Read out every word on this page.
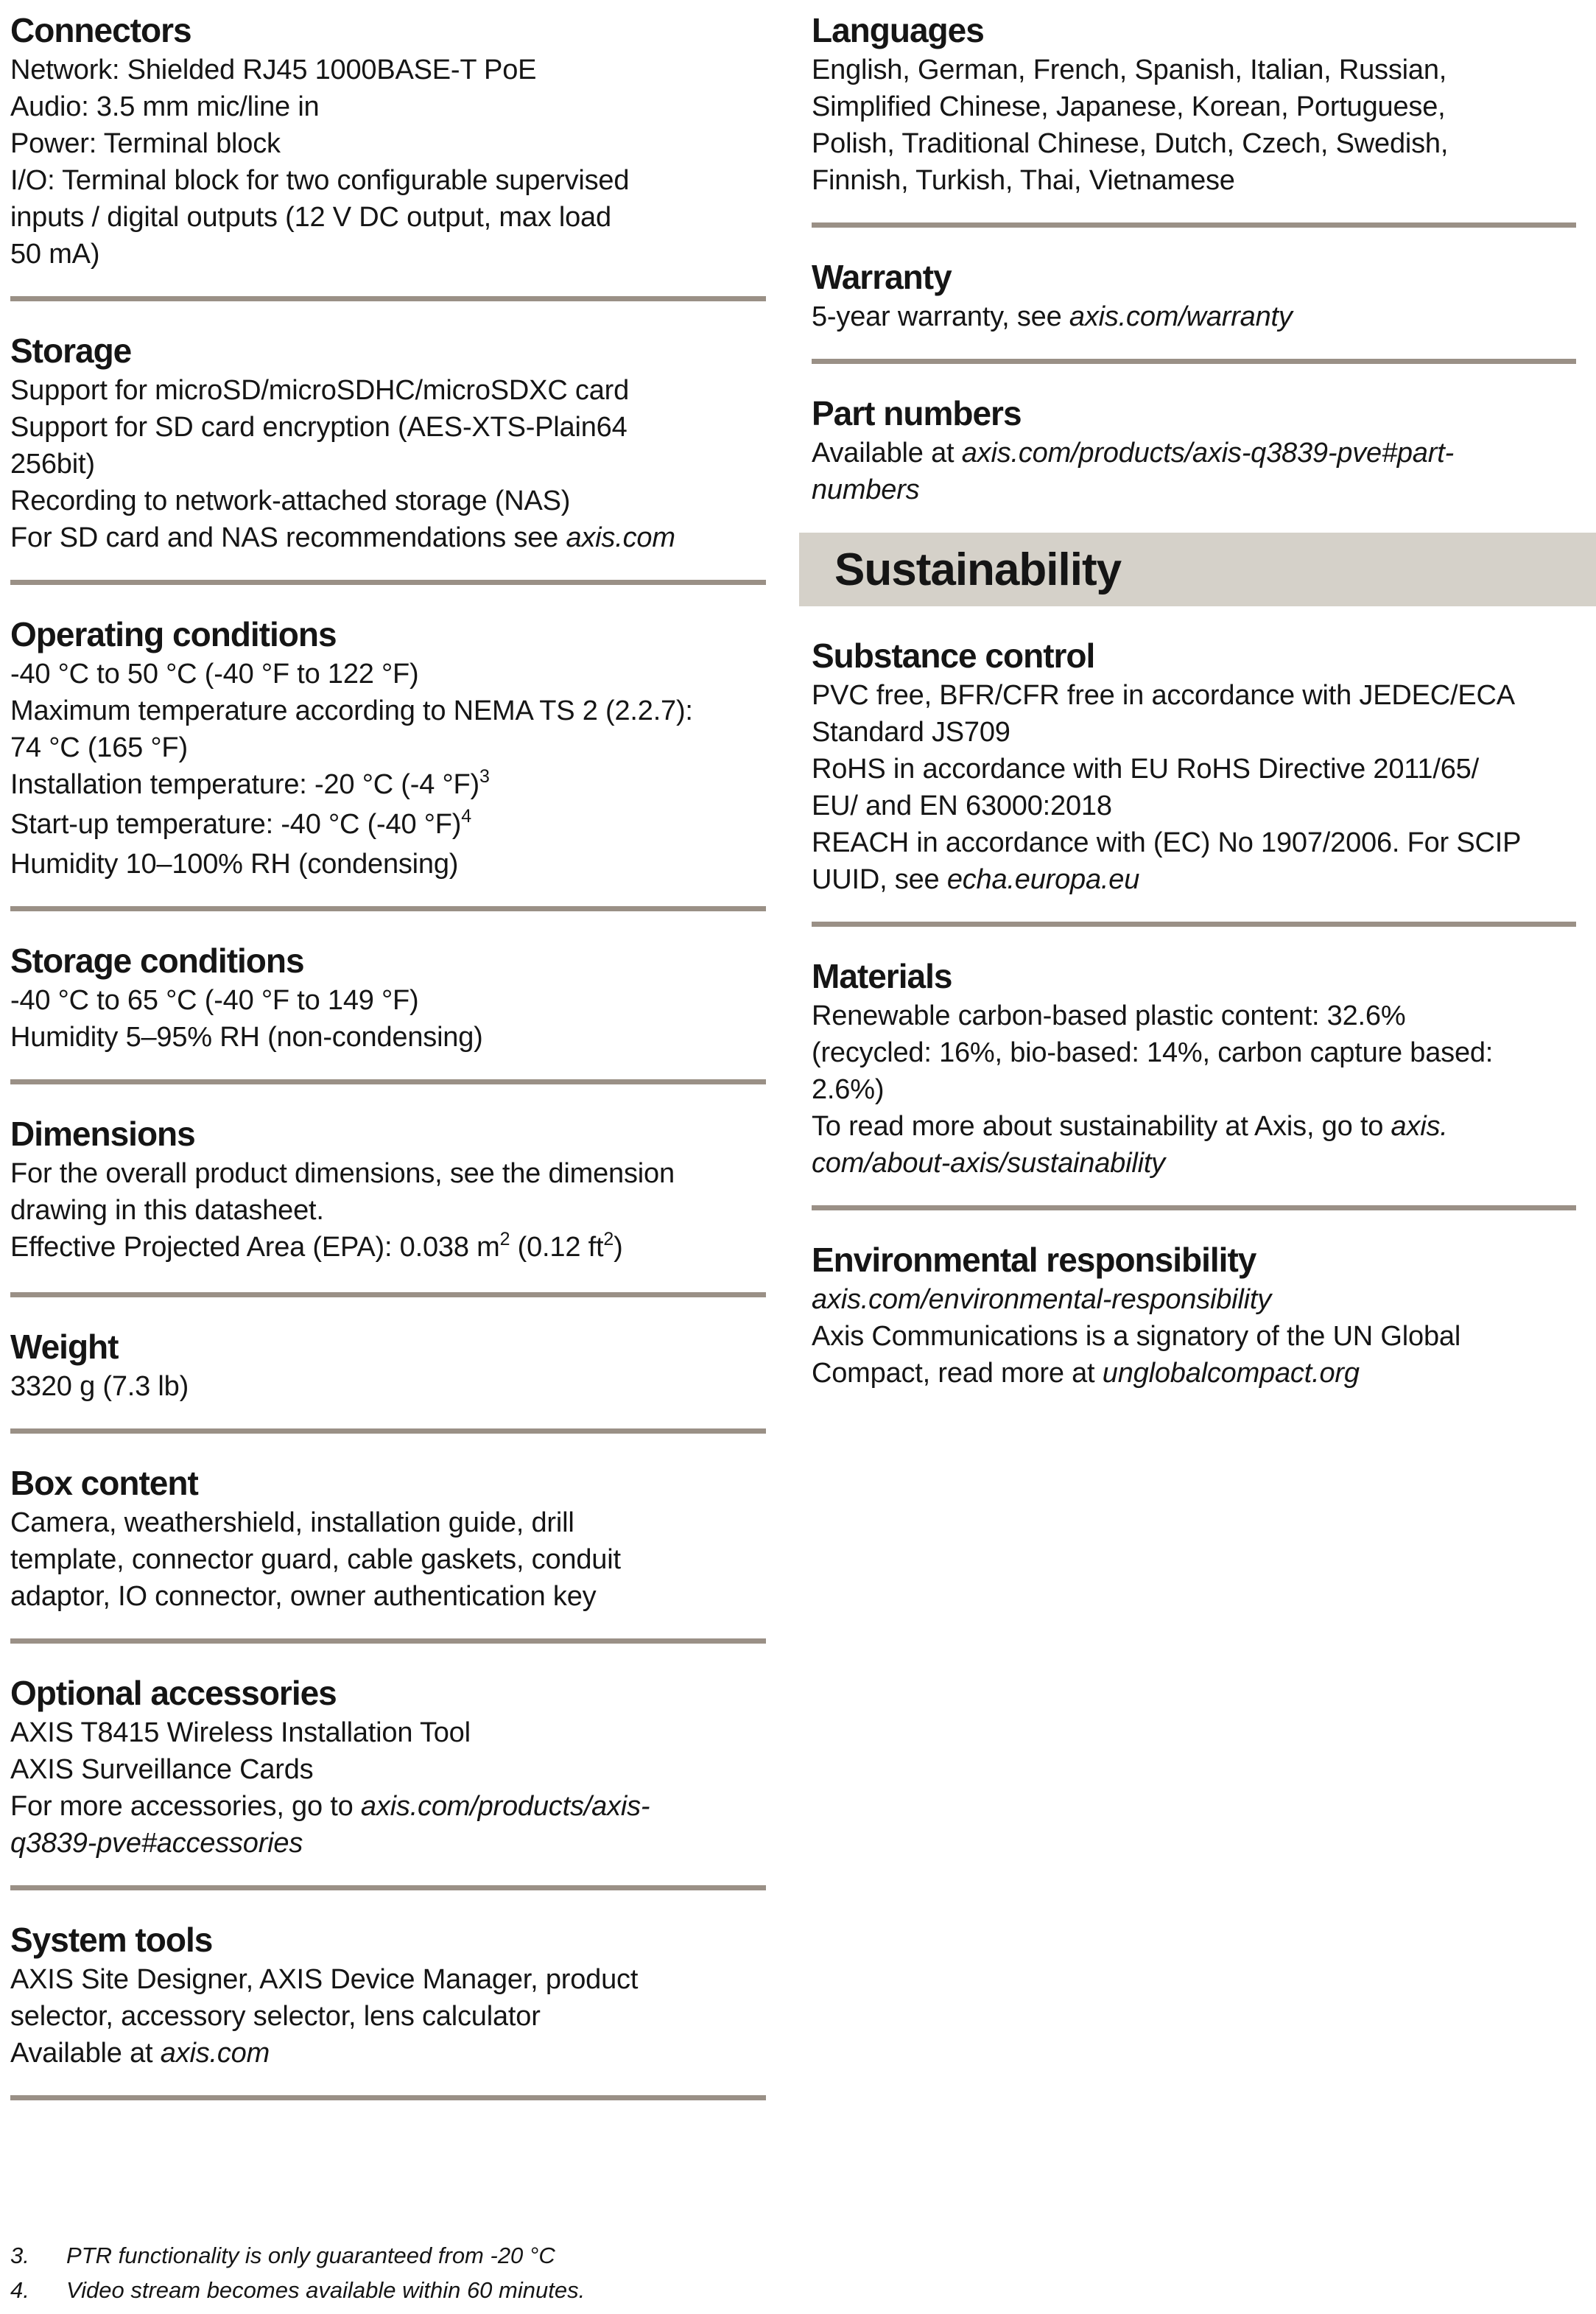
Connectors

Network: Shielded RJ45 1000BASE-T PoE

Audio: 3.5 mm mic/line in

Power: Terminal block

I/O: Terminal block for two configurable supervised

inputs / digital outputs (12 V DC output, max load

50 mA)

Storage

Support for microSD/microSDHC/microSDXC card

Support for SD card encryption (AES-XTS-Plain64

256bit)

Recording to network-attached storage (NAS)

For SD card and NAS recommendations see axis.com

Operating conditions

-40 °C to 50 °C (-40 °F to 122 °F)

Maximum temperature according to NEMA TS 2 (2.2.7):

74 °C (165 °F)

Installation temperature: -20 °C (-4 °F)$^3$

Start-up temperature: -40 °C (-40 °F)$^4$

Humidity 10–100% RH (condensing)

Storage conditions

-40 °C to 65 °C (-40 °F to 149 °F)

Humidity 5–95% RH (non-condensing)

Dimensions

For the overall product dimensions, see the dimension

drawing in this datasheet.

Effective Projected Area (EPA): 0.038 $m^2$ (0.12 $ft^2$)

Weight

3320 g (7.3 lb)

Box content

Camera, weathershield, installation guide, drill

template, connector guard, cable gaskets, conduit

adaptor, IO connector, owner authentication key

Optional accessories

AXIS T8415 Wireless Installation Tool

AXIS Surveillance Cards

For more accessories, go to axis.com/products/axis-

q3839-pve#accessories

System tools

AXIS Site Designer, AXIS Device Manager, product

selector, accessory selector, lens calculator

Available at axis.com

Languages

English, German, French, Spanish, Italian, Russian,

Simplified Chinese, Japanese, Korean, Portuguese,

Polish, Traditional Chinese, Dutch, Czech, Swedish,

Finnish, Turkish, Thai, Vietnamese

Warranty

5-year warranty, see axis.com/warranty

Part numbers

Available at axis.com/products/axis-q3839-pve#part-

numbers

Sustainability
Substance control

PVC free, BFR/CFR free in accordance with JEDEC/ECA

Standard JS709

RoHS in accordance with EU RoHS Directive 2011/65/

EU/ and EN 63000:2018

REACH in accordance with (EC) No 1907/2006. For SCIP

UUID, see echa.europa.eu

Materials

Renewable carbon-based plastic content: 32.6%

(recycled: 16%, bio-based: 14%, carbon capture based:

2.6%)

To read more about sustainability at Axis, go to axis.

com/about-axis/sustainability

Environmental responsibility

axis.com/environmental-responsibility

Axis Communications is a signatory of the UN Global

Compact, read more at unglobalcompact.org

3.	PTR functionality is only guaranteed from -20 °C
4.	Video stream becomes available within 60 minutes.
